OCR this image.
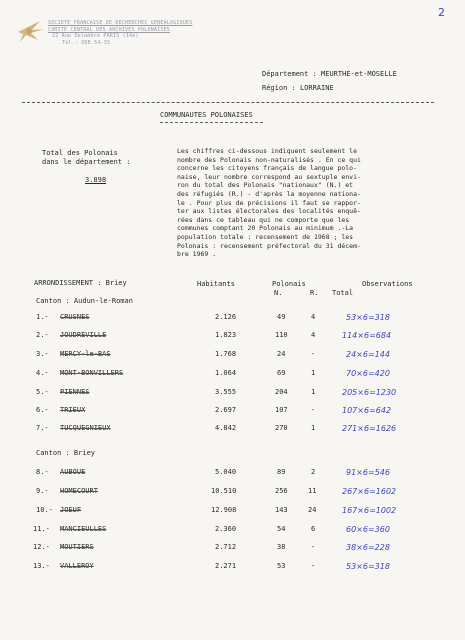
2
SOCIETE FRANCAISE DE RECHERCHES GENEALOGIQUES
COMITE CENTRAL DES ARCHIVES POLONAISES
22 Rue Delambre PARIS (14e)
Tél.: ODE 54-35
Département : MEURTHE-et-MOSELLE
Région : LORRAINE
COMMUNAUTES POLONAISES
Total des Polonais
dans le département :
3.898
Les chiffres ci-dessous indiquent seulement le
nombre des Polonais non-naturalisés . En ce qui
concerne les citoyens français de langue polo-
naise, leur nombre correspond au sextuple envi-
ron du total des Polonais "nationaux" (N.) et
des réfugiés (R.) - d'après la moyenne nationa-
le . Pour plus de précisions il faut se rappor-
ter aux listes électorales des localités enquê-
rées dans ce tableau qui ne comporte que les
communes comptant 20 Polonais au minimum .-La
population totale : recensement de 1968 ; les
Polonais : recensement préfectoral du 31 décem-
bre 1969 .
ARRONDISSEMENT : Briey	Habitants	Polonais	Observations
N.	R. Total
Canton : Audun-le-Roman
1.- CRUSNES	2.126	49	4	53×6=318
2.- JOUDREVILLE	1.823	110	4	114×6=684
3.- MERCY-le-BAS	1.768	24	-	24×6=144
4.- MONT-BONVILLERS	1.064	69	1	70×6=420
5.- PIENNES	3.555	204	1	205×6=1230
6.- TRIEUX	2.697	107	-	107×6=642
7.- TUCQUEGNIEUX	4.842	270	1	271×6=1626
Canton : Briey
8.- AUBOUE	5.040	89	2	91×6=546
9.- HOMECOURT	10.510	256	11	267×6=1602
10.- JOEUF	12.908	143	24	167×6=1002
11.- MANCIEULLES	2.360	54	6	60×6=360
12.- MOUTIERS	2.712	38	-	38×6=228
13.- VALLEROY	2.271	53	-	53×6=318
